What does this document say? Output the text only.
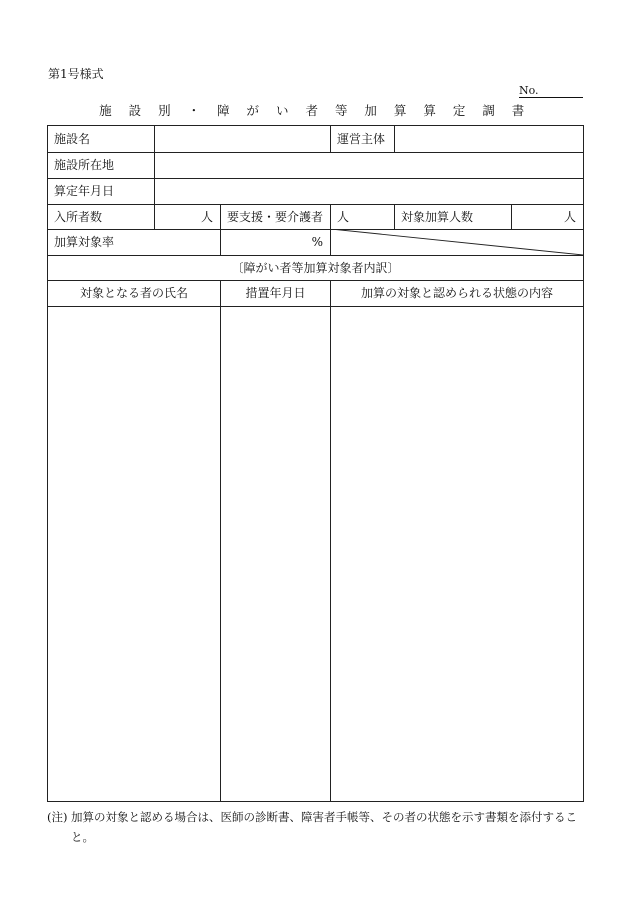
第1号様式
No.
施 設 別 ・ 障 が い 者 等 加 算 算 定 調 書
施設名	運営主体
施設所在地
算定年月日
入所者数	人	要支援・要介護者	人	対象加算人数	人
加算対象率	%
〔障がい者等加算対象者内訳〕
対象となる者の氏名	措置年月日	加算の対象と認められる状態の内容
(注) 加算の対象と認める場合は、医師の診断書、障害者手帳等、その者の状態を示す書類を添付すること。
